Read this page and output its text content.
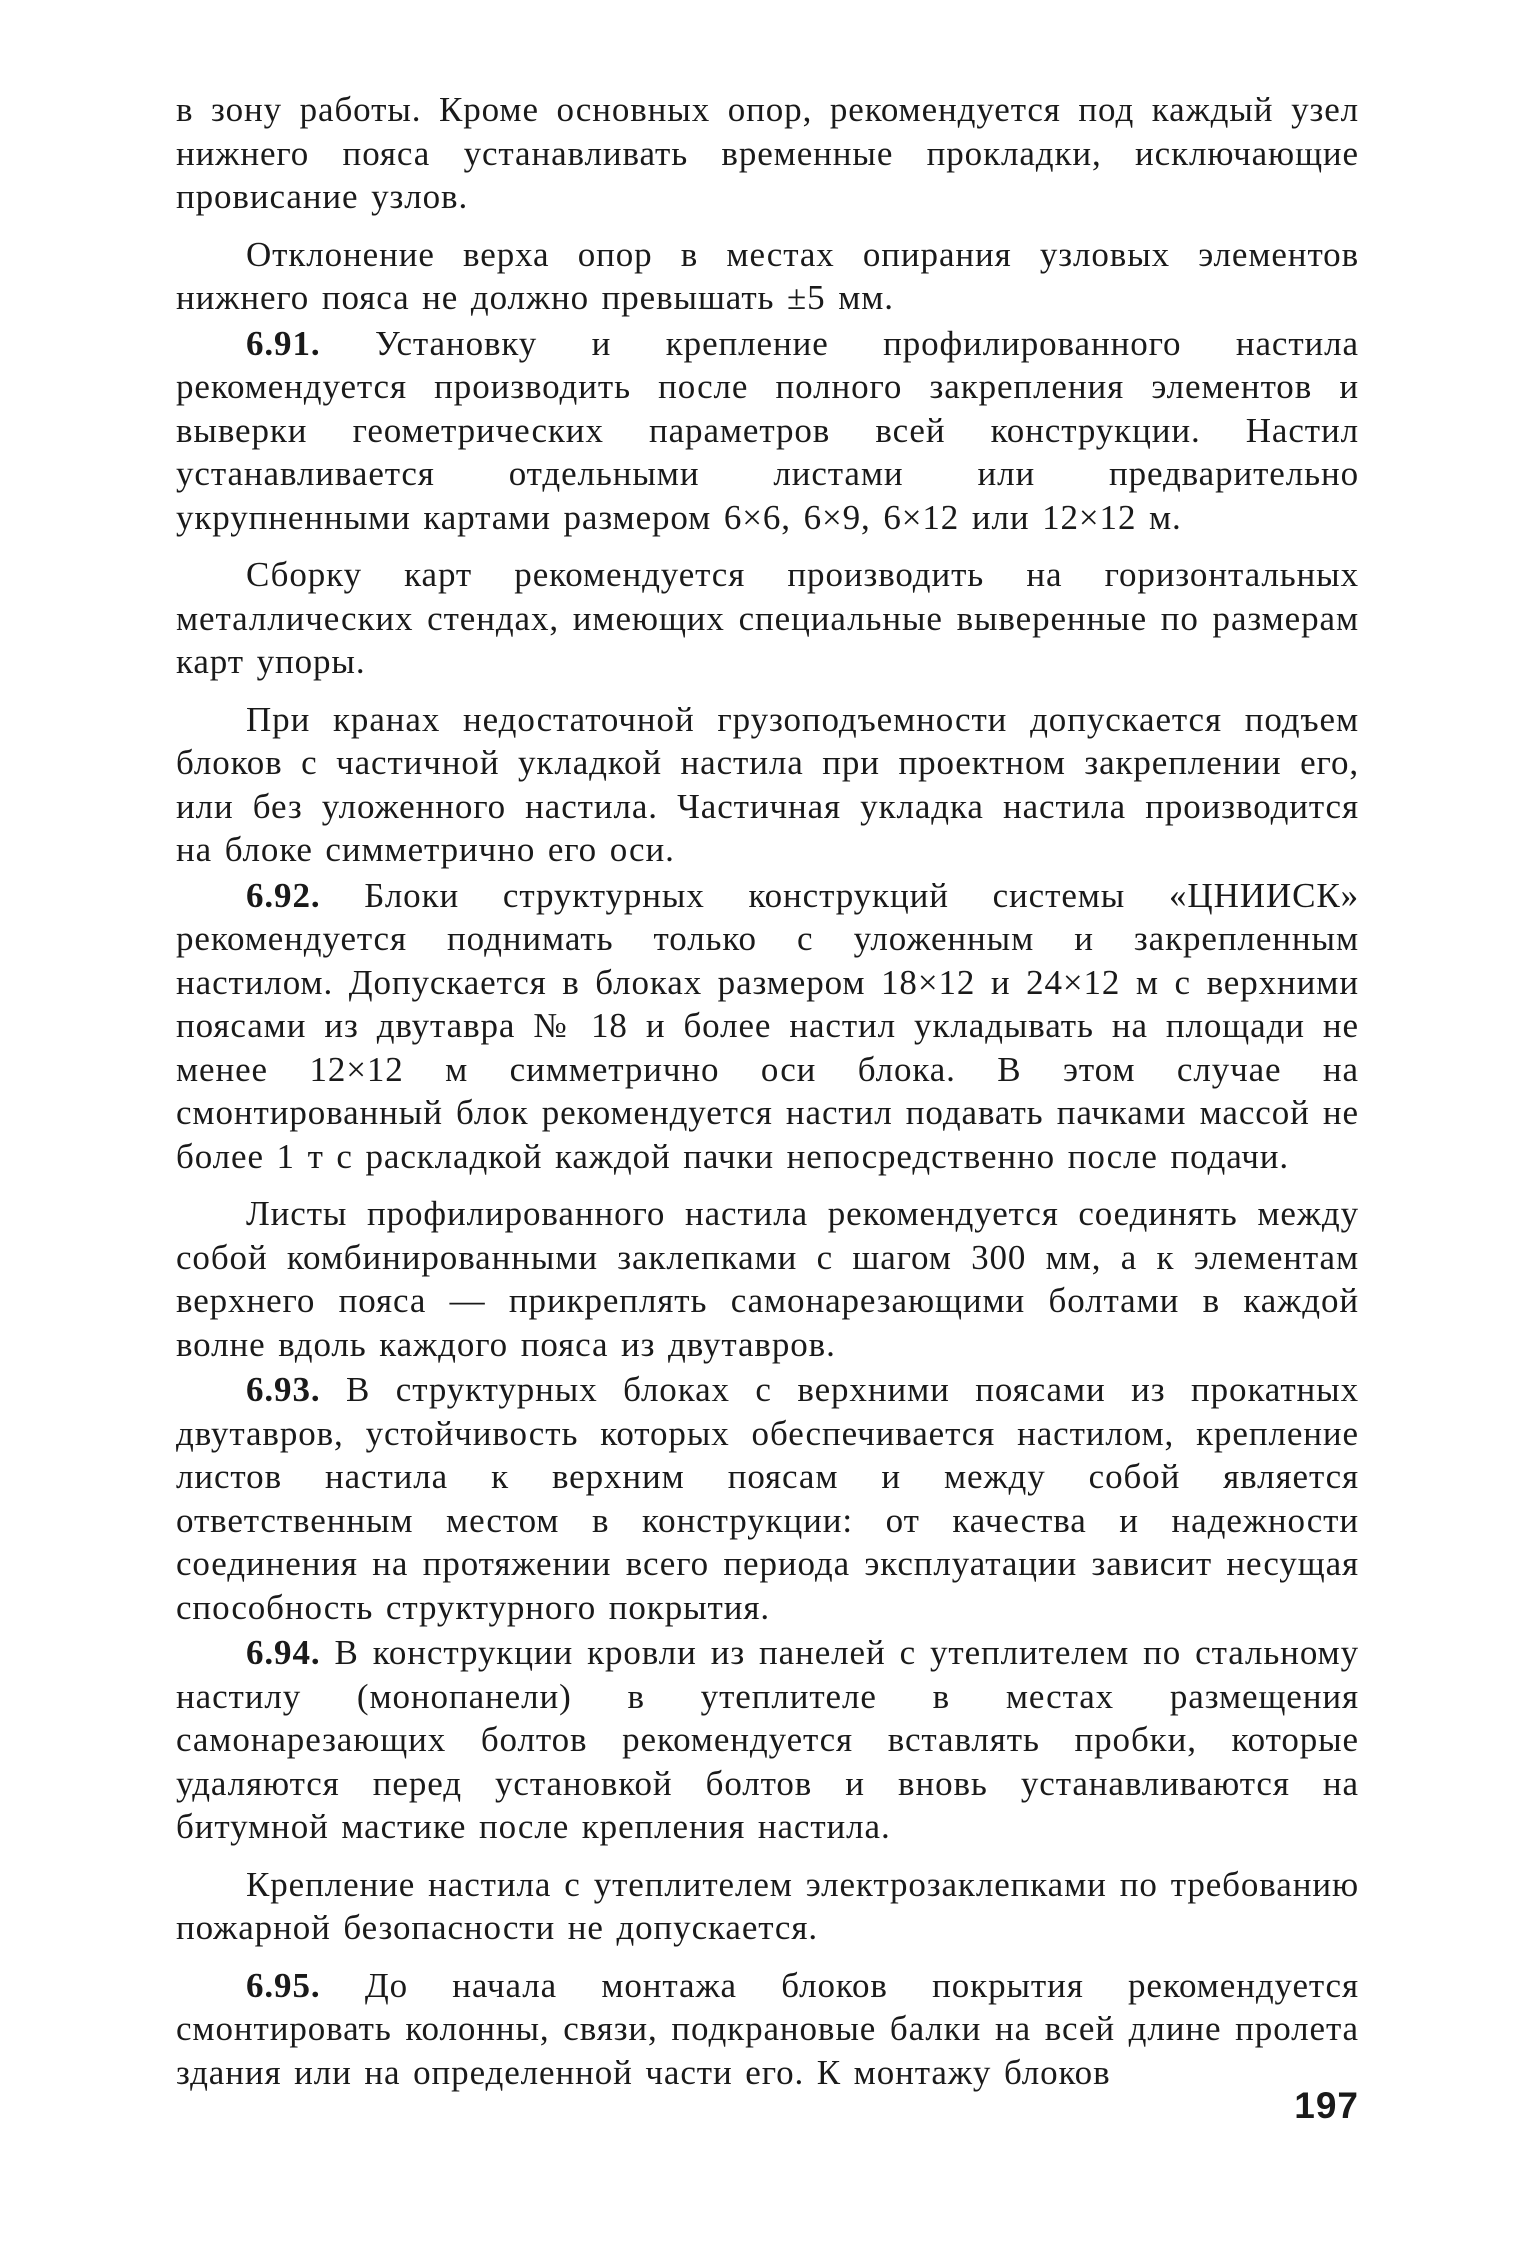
в зону работы. Кроме основных опор, рекомендуется под каждый узел нижнего пояса устанавливать временные прокладки, исключающие провисание узлов.

Отклонение верха опор в местах опирания узловых элементов нижнего пояса не должно превышать ±5 мм.

6.91. Установку и крепление профилированного настила рекомендуется производить после полного закрепления элементов и выверки геометрических параметров всей конструкции. Настил устанавливается отдельными листами или предварительно укрупненными картами размером 6×6, 6×9, 6×12 или 12×12 м.

Сборку карт рекомендуется производить на горизонтальных металлических стендах, имеющих специальные выверенные по размерам карт упоры.

При кранах недостаточной грузоподъемности допускается подъем блоков с частичной укладкой настила при проектном закреплении его, или без уложенного настила. Частичная укладка настила производится на блоке симметрично его оси.

6.92. Блоки структурных конструкций системы «ЦНИИСК» рекомендуется поднимать только с уложенным и закрепленным настилом. Допускается в блоках размером 18×12 и 24×12 м с верхними поясами из двутавра № 18 и более настил укладывать на площади не менее 12×12 м симметрично оси блока. В этом случае на смонтированный блок рекомендуется настил подавать пачками массой не более 1 т с раскладкой каждой пачки непосредственно после подачи.

Листы профилированного настила рекомендуется соединять между собой комбинированными заклепками с шагом 300 мм, а к элементам верхнего пояса — прикреплять самонарезающими болтами в каждой волне вдоль каждого пояса из двутавров.

6.93. В структурных блоках с верхними поясами из прокатных двутавров, устойчивость которых обеспечивается настилом, крепление листов настила к верхним поясам и между собой является ответственным местом в конструкции: от качества и надежности соединения на протяжении всего периода эксплуатации зависит несущая способность структурного покрытия.

6.94. В конструкции кровли из панелей с утеплителем по стальному настилу (монопанели) в утеплителе в местах размещения самонарезающих болтов рекомендуется вставлять пробки, которые удаляются перед установкой болтов и вновь устанавливаются на битумной мастике после крепления настила.

Крепление настила с утеплителем электрозаклепками по требованию пожарной безопасности не допускается.

6.95. До начала монтажа блоков покрытия рекомендуется смонтировать колонны, связи, подкрановые балки на всей длине пролета здания или на определенной части его. К монтажу блоков

197
